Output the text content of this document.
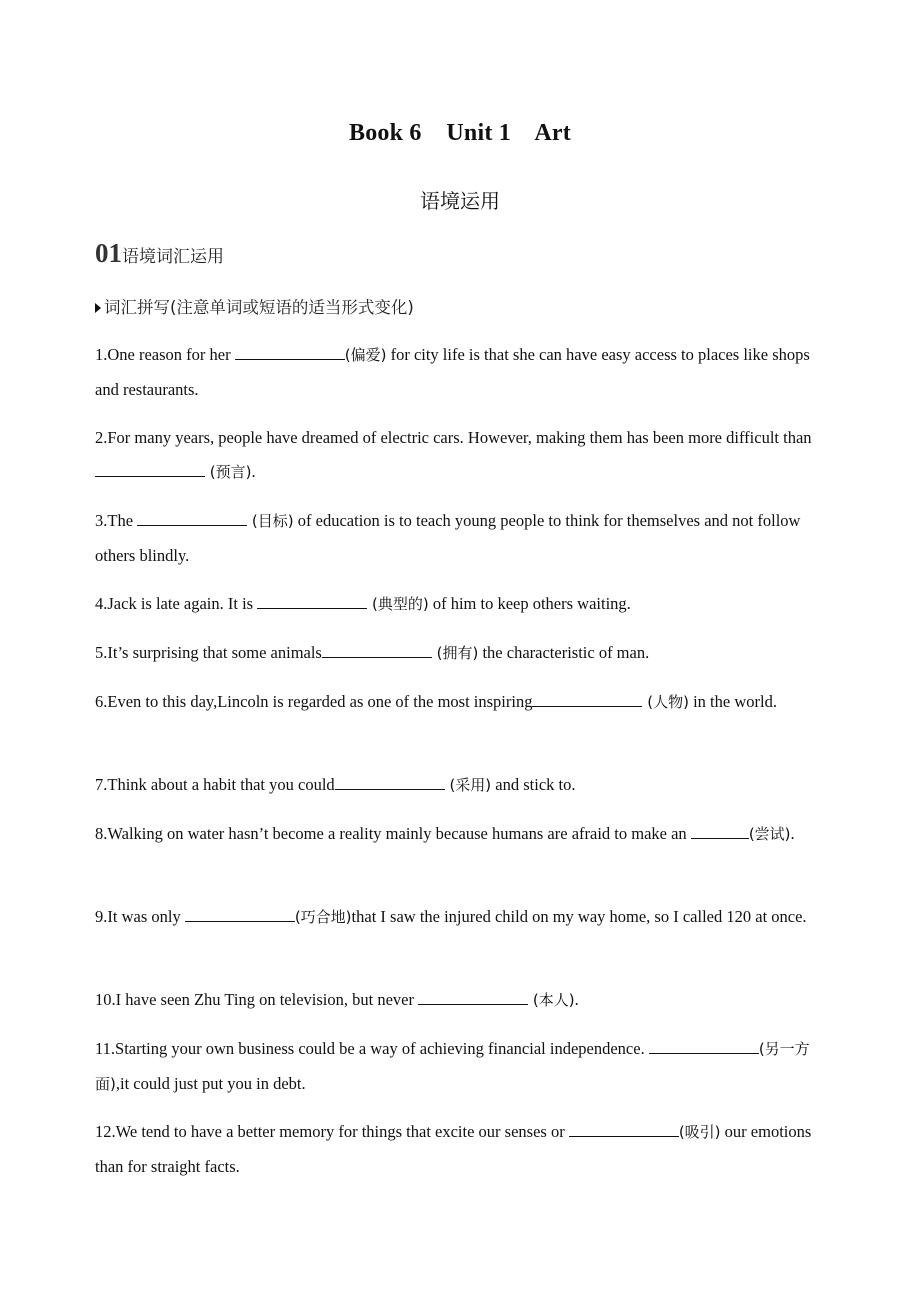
Book 6    Unit 1    Art
语境运用
01语境词汇运用
词汇拼写(注意单词或短语的适当形式变化)
1.One reason for her	(偏爱) for city life is that she can have easy access to places like shops and restaurants.
2.For many years, people have dreamed of electric cars. However, making them has been more difficult than  (预言).
3.The	(目标) of education is to teach young people to think for themselves and not follow others blindly.
4.Jack is late again. It is	(典型的) of him to keep others waiting.
5.It’s surprising that some animals	(拥有) the characteristic of man.
6.Even to this day,Lincoln is regarded as one of the most inspiring	(人物) in the world.
7.Think about a habit that you could	(采用) and stick to.
8.Walking on water hasn’t become a reality mainly because humans are afraid to make an	(尝试).
9.It was only	(巧合地)that I saw the injured child on my way home, so I called 120 at once.
10.I have seen Zhu Ting on television, but never	(本人).
11.Starting your own business could be a way of achieving financial independence.	(另一方面),it could just put you in debt.
12.We tend to have a better memory for things that excite our senses or	(吸引) our emotions than for straight facts.
